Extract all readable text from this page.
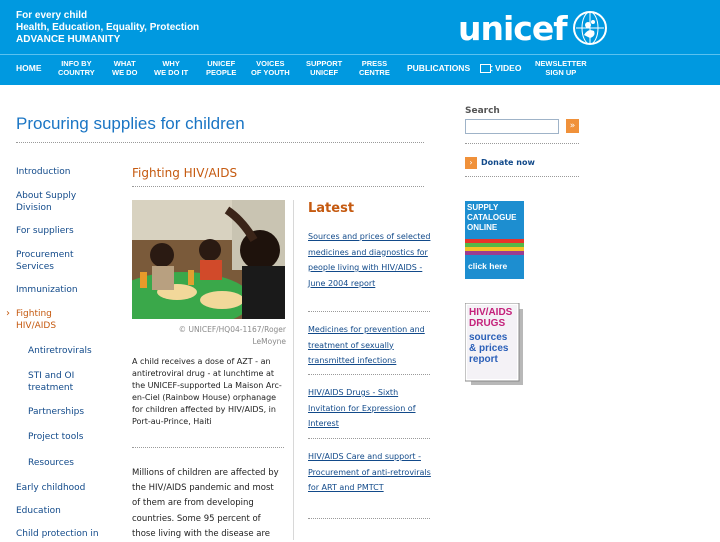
For every child
Health, Education, Equality, Protection
ADVANCE HUMANITY	unicef
HOME	INFO BY
COUNTRY
WHAT
WE DO
WHY
WE DO IT
UNICEF
PEOPLE
VOICES
OF YOUTH
SUPPORT
UNICEF
PRESS
CENTRE PUBLICATIONS	VIDEO NEWSLETTER
SIGN UP
Procuring supplies for children
Introduction
About Supply
Division
For suppliers
Procurement
Services
Immunization
› Fighting
HIV/AIDS
Antiretrovirals
STI and OI
treatment
Partnerships
Project tools
Resources
Early childhood
Education
Child protection in
Fighting HIV/AIDS
© UNICEF/HQ04-1167/Roger
LeMoyne
A child receives a dose of AZT - an antiretroviral drug - at lunchtime at the UNICEF-supported La Maison Arc-en-Ciel (Rainbow House) orphanage for children affected by HIV/AIDS, in Port-au-Prince, Haiti
Millions of children are affected by the HIV/AIDS pandemic and most of them are from developing countries. Some 95 percent of those living with the disease are
Latest
Sources and prices of selected medicines and diagnostics for people living with HIV/AIDS - June 2004 report
Medicines for prevention and treatment of sexually transmitted infections
HIV/AIDS Drugs - Sixth Invitation for Expression of Interest
HIV/AIDS Care and support - Procurement of anti-retrovirals for ART and PMTCT
Search
»
›	Donate now
SUPPLY
CATALOGUE
ONLINE
click here
HIV/AIDS
DRUGS
sources
& prices
report
